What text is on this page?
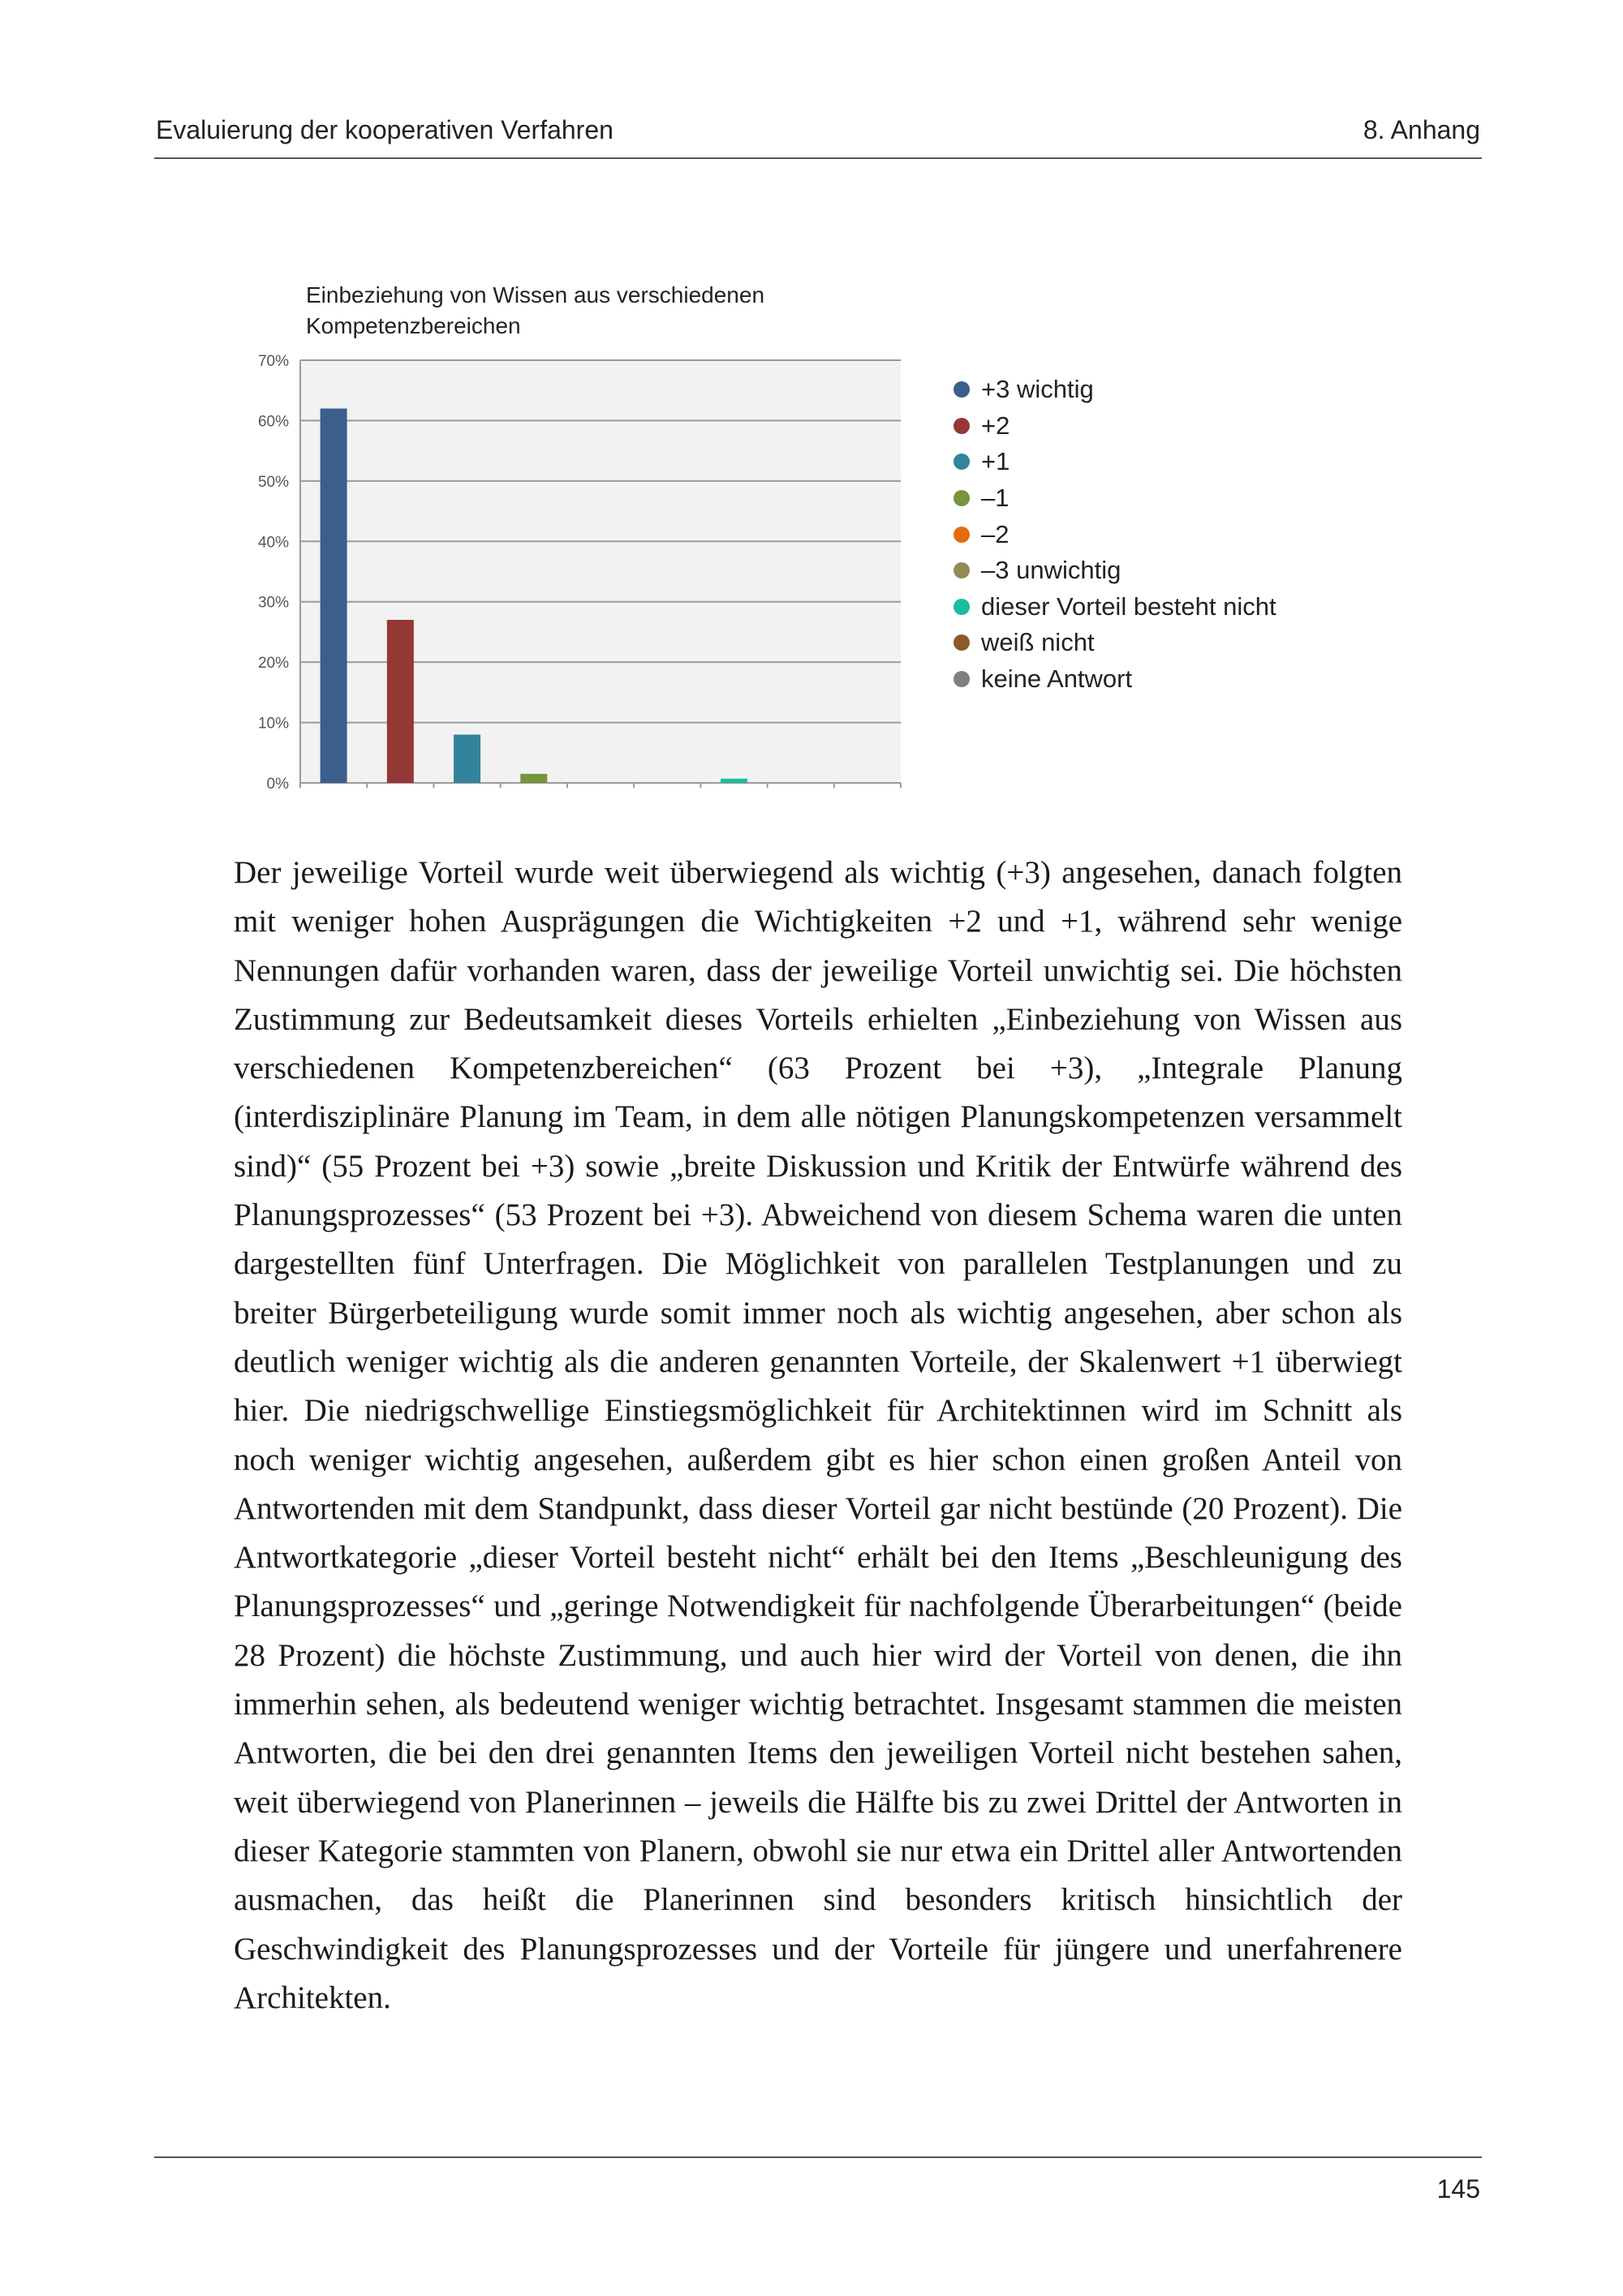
Evaluierung der kooperativen Verfahren	8. Anhang
Einbeziehung von Wissen aus verschiedenen Kompetenzbereichen
0%
10%
20%
30%
40%
50%
60%
70%
+3 wichtig
+2
+1
–1
–2
–3 unwichtig
dieser Vorteil besteht nicht
weiß nicht
keine Antwort
Der jeweilige Vorteil wurde weit überwiegend als wichtig (+3) angesehen, danach folgten mit weniger hohen Ausprägungen die Wichtigkeiten +2 und +1, während sehr wenige Nennungen dafür vorhanden waren, dass der jeweilige Vorteil unwichtig sei. Die höchsten Zustimmung zur Bedeutsamkeit dieses Vorteils erhielten „Einbeziehung von Wissen aus verschiedenen Kompetenzbereichen“ (63 Prozent bei +3), „Integrale Planung (interdisziplinäre Planung im Team, in dem alle nötigen Planungskompetenzen versammelt sind)“ (55 Prozent bei +3) sowie „breite Diskussion und Kritik der Entwürfe während des Planungsprozesses“ (53 Prozent bei +3). Abweichend von diesem Schema waren die unten dargestellten fünf Unterfragen. Die Möglichkeit von parallelen Testplanungen und zu breiter Bürgerbeteiligung wurde somit immer noch als wichtig angesehen, aber schon als deutlich weniger wichtig als die anderen genannten Vorteile, der Skalenwert +1 überwiegt hier. Die niedrigschwellige Einstiegsmöglichkeit für Architektinnen wird im Schnitt als noch weniger wichtig angesehen, außerdem gibt es hier schon einen großen Anteil von Antwortenden mit dem Standpunkt, dass dieser Vorteil gar nicht bestünde (20 Prozent). Die Antwortkategorie „dieser Vorteil besteht nicht“ erhält bei den Items „Beschleunigung des Planungsprozesses“ und „geringe Notwendigkeit für nachfolgende Überarbeitungen“ (beide 28 Prozent) die höchste Zustimmung, und auch hier wird der Vorteil von denen, die ihn immerhin sehen, als bedeutend weniger wichtig betrachtet. Insgesamt stammen die meisten Antworten, die bei den drei genannten Items den jeweiligen Vorteil nicht bestehen sahen, weit überwiegend von Planerinnen – jeweils die Hälfte bis zu zwei Drittel der Antworten in dieser Kategorie stammten von Planern, obwohl sie nur etwa ein Drittel aller Antwortenden ausmachen, das heißt die Planerinnen sind besonders kritisch hinsichtlich der Geschwindigkeit des Planungsprozesses und der Vorteile für jüngere und unerfahrenere Architekten.
145
